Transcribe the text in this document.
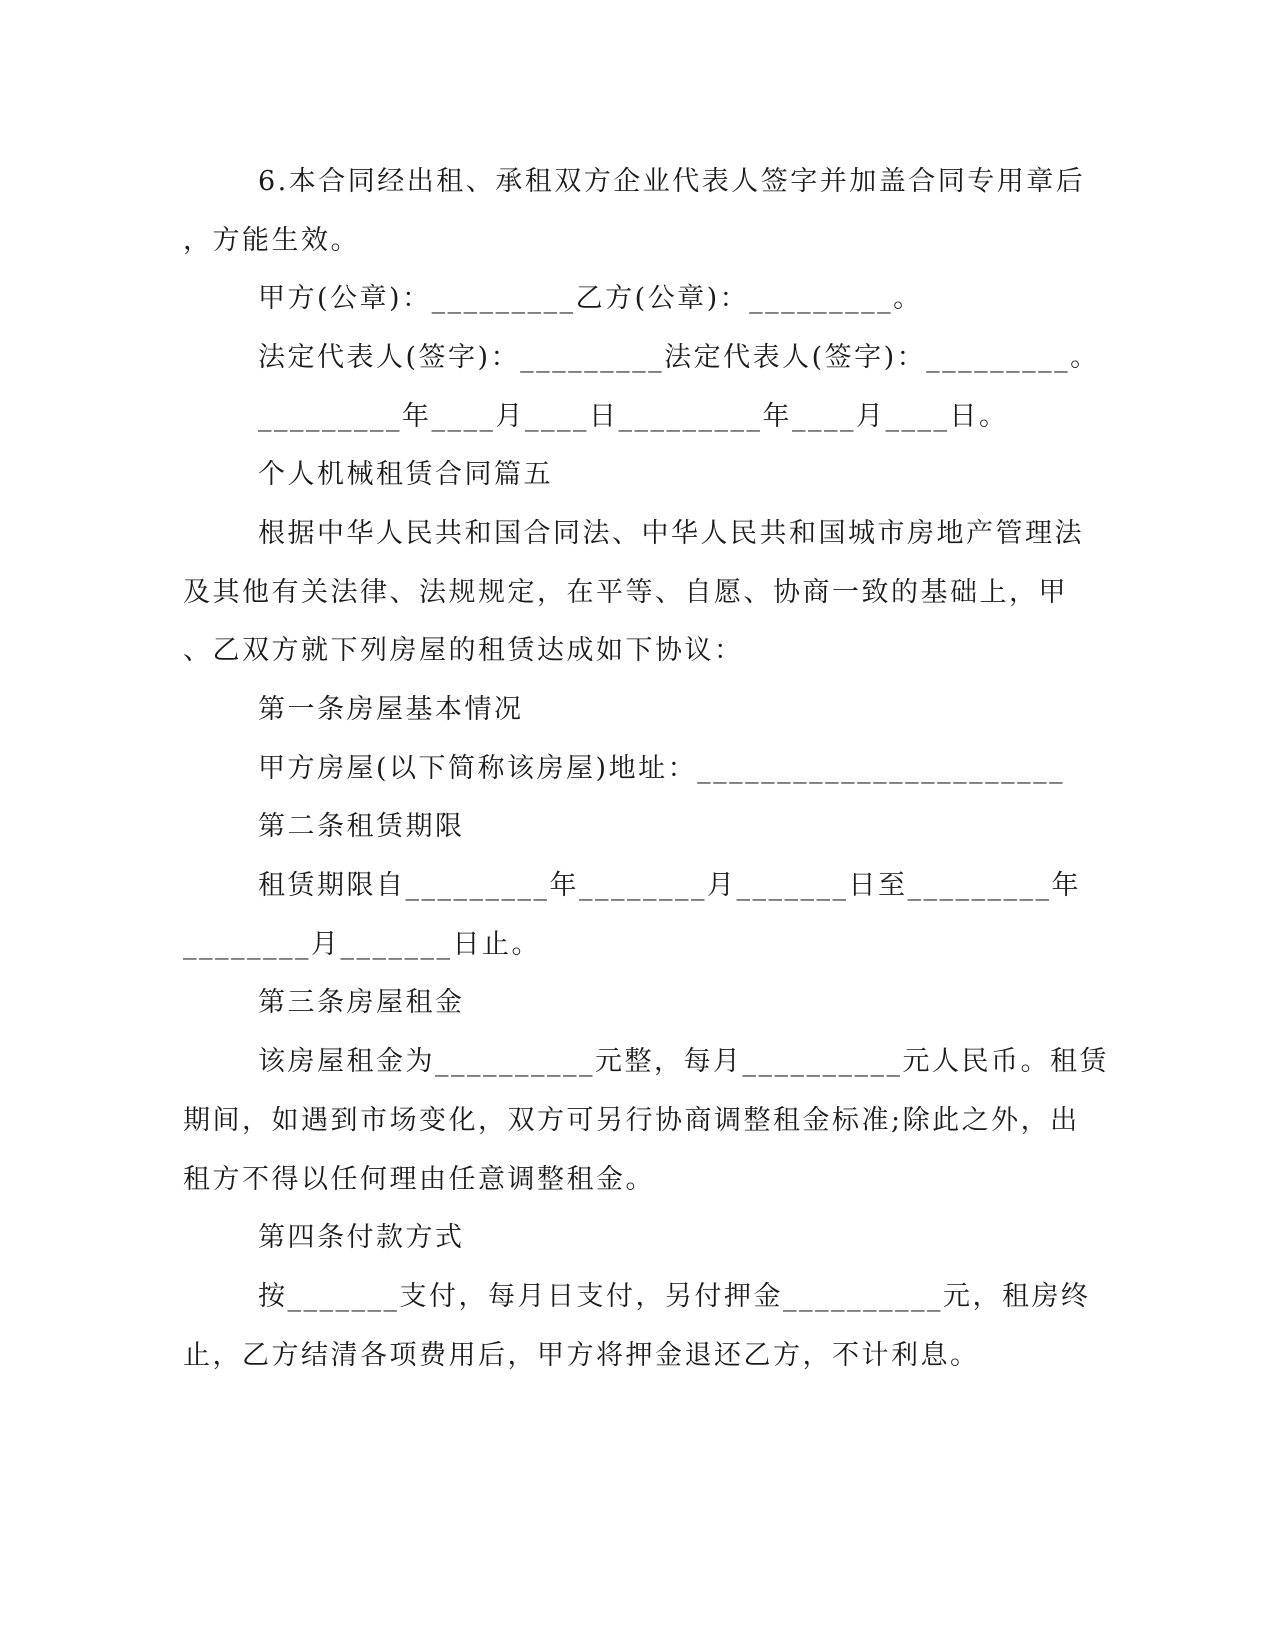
6.本合同经出租、承租双方企业代表人签字并加盖合同专用章后
，方能生效。
甲方(公章)：_________乙方(公章)：_________。
法定代表人(签字)：_________法定代表人(签字)：_________。
_________年____月____日_________年____月____日。
个人机械租赁合同篇五
根据中华人民共和国合同法、中华人民共和国城市房地产管理法
及其他有关法律、法规规定，在平等、自愿、协商一致的基础上，甲
、乙双方就下列房屋的租赁达成如下协议：
第一条房屋基本情况
甲方房屋(以下简称该房屋)地址：_______________________
第二条租赁期限
租赁期限自_________年________月_______日至_________年
________月_______日止。
第三条房屋租金
该房屋租金为__________元整，每月__________元人民币。租赁
期间，如遇到市场变化，双方可另行协商调整租金标准;除此之外，出
租方不得以任何理由任意调整租金。
第四条付款方式
按_______支付，每月日支付，另付押金__________元，租房终
止，乙方结清各项费用后，甲方将押金退还乙方，不计利息。
